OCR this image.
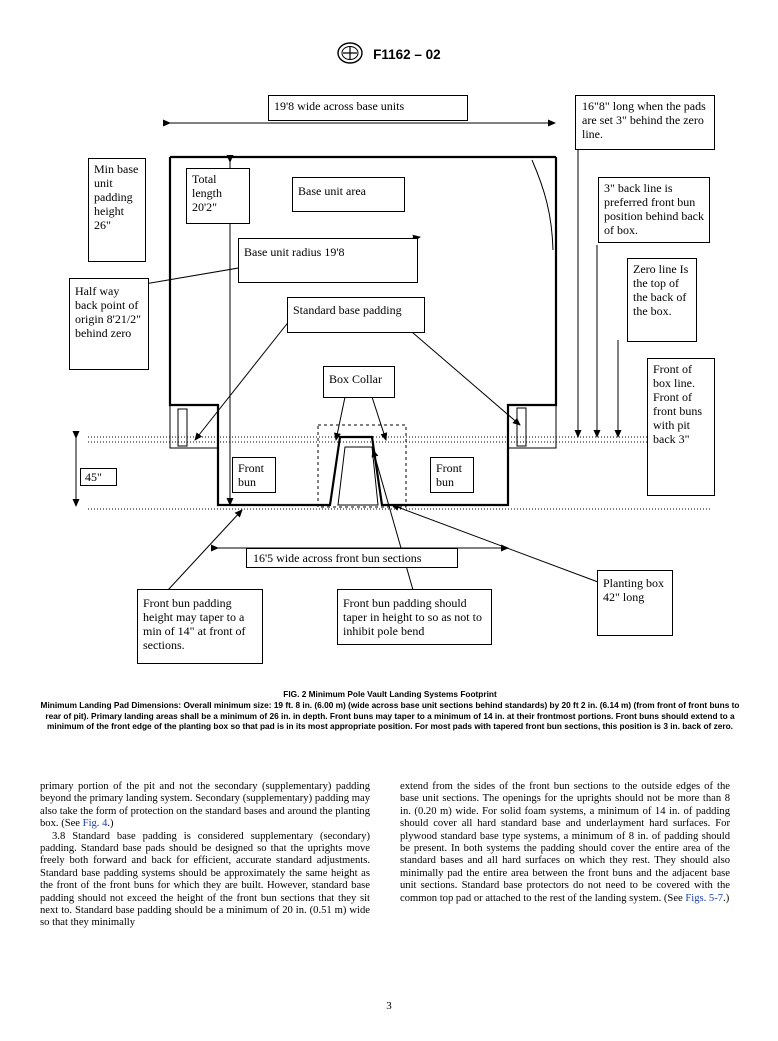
F1162 – 02
19'8 wide across base units	16"8" long when the pads are set 3" behind the zero line.
Min base unit padding height 26"
Total length 20'2"
Base unit area	3" back line is preferred front bun position behind back of box.
Base unit radius 19'8
Zero line Is the top of the back of the box.
Half way back point of origin 8'21/2" behind zero
Standard base padding
Box Collar
Front of box line. Front of front buns with pit back 3"
45"
Front bun
Front bun
16'5 wide across front bun sections
Planting box 42" long
Front bun padding height may taper to a min of 14" at front of sections.
Front bun padding should taper in height to so as not to inhibit pole bend
FIG. 2 Minimum Pole Vault Landing Systems Footprint
Minimum Landing Pad Dimensions: Overall minimum size: 19 ft. 8 in. (6.00 m) (wide across base unit sections behind standards) by 20 ft 2 in. (6.14 m) (from front of front buns to rear of pit). Primary landing areas shall be a minimum of 26 in. in depth. Front buns may taper to a minimum of 14 in. at their frontmost portions. Front buns should extend to a minimum of the front edge of the planting box so that pad is in its most appropriate position. For most pads with tapered front bun sections, this position is 3 in. back of zero.

primary portion of the pit and not the secondary (supplementary) padding beyond the primary landing system. Secondary (supplementary) padding may also take the form of protection on the standard bases and around the planting box. (See Fig. 4.)

3.8 Standard base padding is considered supplementary (secondary) padding. Standard base pads should be designed so that the uprights move freely both forward and back for efficient, accurate standard adjustments. Standard base padding systems should be approximately the same height as the front of the front buns for which they are built. However, standard base padding should not exceed the height of the front bun sections that they sit next to. Standard base padding should be a minimum of 20 in. (0.51 m) wide so that they minimally

extend from the sides of the front bun sections to the outside edges of the base unit sections. The openings for the uprights should not be more than 8 in. (0.20 m) wide. For solid foam systems, a minimum of 14 in. of padding should cover all hard standard base and underlayment hard surfaces. For plywood standard base type systems, a minimum of 8 in. of padding should be present. In both systems the padding should cover the entire area of the standard bases and all hard surfaces on which they rest. They should also minimally pad the entire area between the front buns and the adjacent base unit sections. Standard base protectors do not need to be covered with the common top pad or attached to the rest of the landing system. (See Figs. 5-7.)

3
